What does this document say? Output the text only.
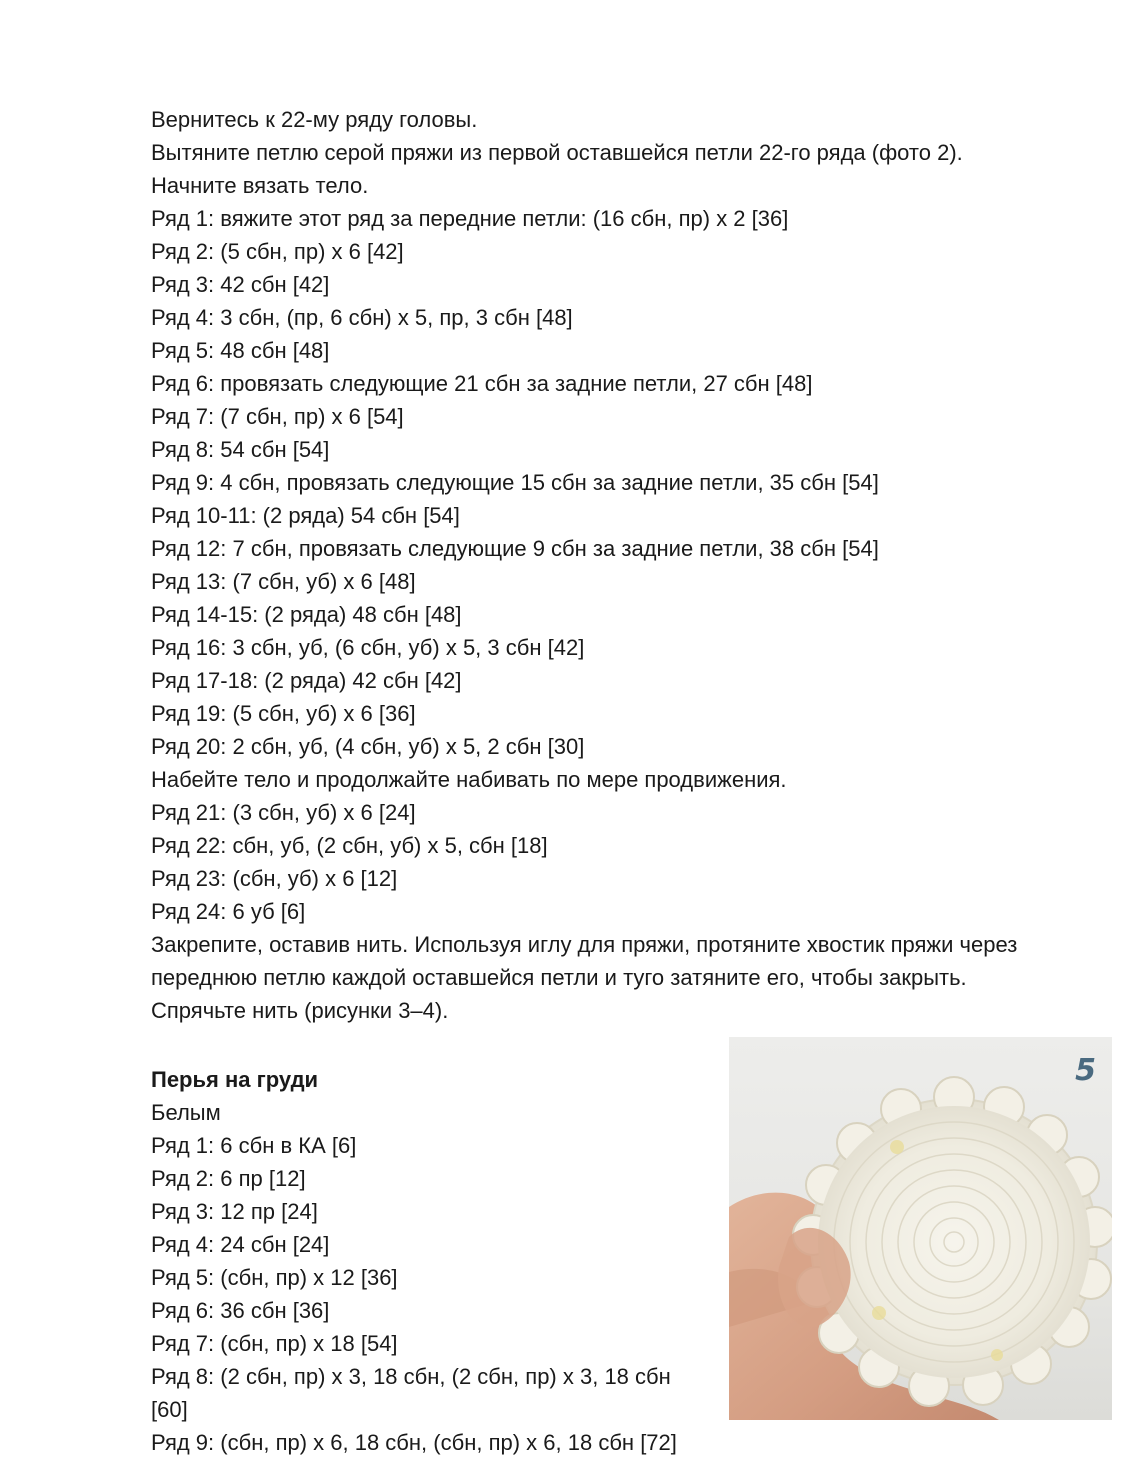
Вернитесь к 22-му ряду головы.
Вытяните петлю серой пряжи из первой оставшейся петли 22-го ряда (фото 2). Начните вязать тело.
Ряд 1: вяжите этот ряд за передние петли: (16 сбн, пр) х 2 [36]
Ряд 2: (5 сбн, пр) х 6 [42]
Ряд 3: 42 сбн [42]
Ряд 4: 3 сбн, (пр, 6 сбн) х 5, пр, 3 сбн [48]
Ряд 5: 48 сбн [48]
Ряд 6: провязать следующие 21 сбн за задние петли, 27 сбн [48]
Ряд 7: (7 сбн, пр) х 6 [54]
Ряд 8: 54 сбн [54]
Ряд 9: 4 сбн, провязать следующие 15 сбн за задние петли, 35 сбн [54]
Ряд 10-11: (2 ряда) 54 сбн [54]
Ряд 12: 7 сбн, провязать следующие 9 сбн за задние петли, 38 сбн [54]
Ряд 13: (7 сбн, уб) х 6 [48]
Ряд 14-15: (2 ряда) 48 сбн [48]
Ряд 16: 3 сбн, уб, (6 сбн, уб) х 5, 3 сбн [42]
Ряд 17-18: (2 ряда) 42 сбн [42]
Ряд 19: (5 сбн, уб) х 6 [36]
Ряд 20: 2 сбн, уб, (4 сбн, уб) х 5, 2 сбн [30]
Набейте тело и продолжайте набивать по мере продвижения.
Ряд 21: (3 сбн, уб) х 6 [24]
Ряд 22: сбн, уб, (2 сбн, уб) х 5, сбн [18]
Ряд 23: (сбн, уб) х 6 [12]
Ряд 24: 6 уб [6]
Закрепите, оставив нить. Используя иглу для пряжи, протяните хвостик пряжи через переднюю петлю каждой оставшейся петли и туго затяните его, чтобы закрыть. Спрячьте нить (рисунки 3–4).
Перья на груди
Белым
Ряд 1: 6 сбн в КА [6]
Ряд 2: 6 пр [12]
Ряд 3: 12 пр [24]
Ряд 4: 24 сбн [24]
Ряд 5: (сбн, пр) х 12 [36]
Ряд 6: 36 сбн [36]
Ряд 7: (сбн, пр) х 18 [54]
Ряд 8: (2 сбн, пр) х 3, 18 сбн, (2 сбн, пр) х 3, 18 сбн [60]
Ряд 9: (сбн, пр) х 6, 18 сбн, (сбн, пр) х 6, 18 сбн [72]
5
